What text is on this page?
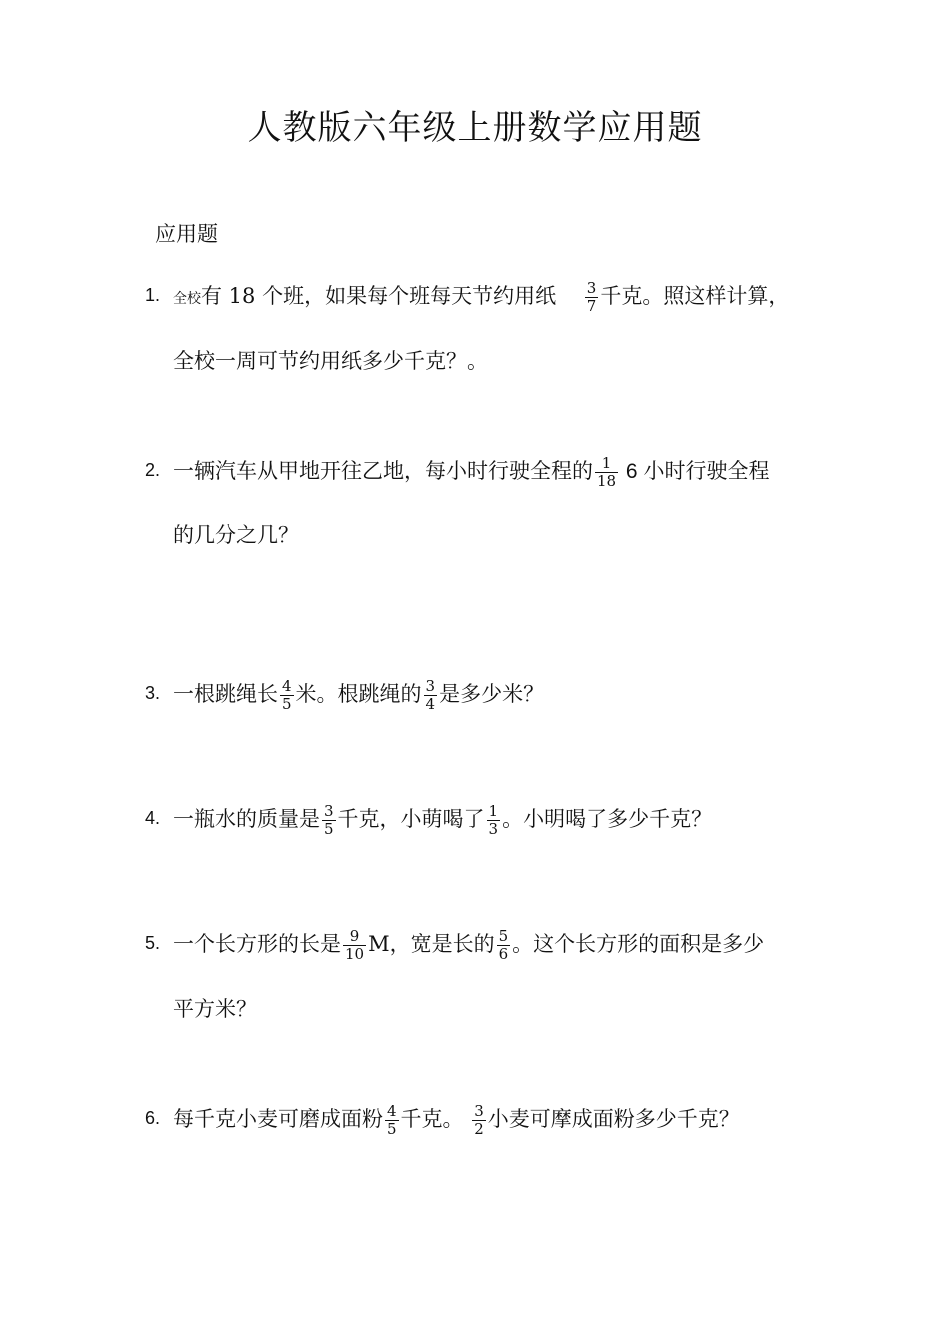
人教版六年级上册数学应用题
应用题
1. 全校有 18 个班，如果每个班每天节约用纸 $\frac{3}{7}$ 千克。照这样计算，
全校一周可节约用纸多少千克？。
2. 一辆汽车从甲地开往乙地，每小时行驶全程的 $\frac{1}{18} 6$ 小时行驶全程
的几分之几？
3. 一根跳绳长 $\frac{4}{5}$ 米。根跳绳的 $\frac{3}{4}$ 是多少米？
4. 一瓶水的质量是 $\frac{3}{5}$ 千克，小萌喝了 $\frac{1}{3}$ 。小明喝了多少千克？
5. 一个长方形的长是 $\frac{9}{10}$ M，宽是长的 $\frac{5}{6}$ 。这个长方形的面积是多少
平方米？
6. 每千克小麦可磨成面粉 $\frac{4}{5}$ 千克。 $\frac{3}{2}$ 小麦可摩成面粉多少千克？
